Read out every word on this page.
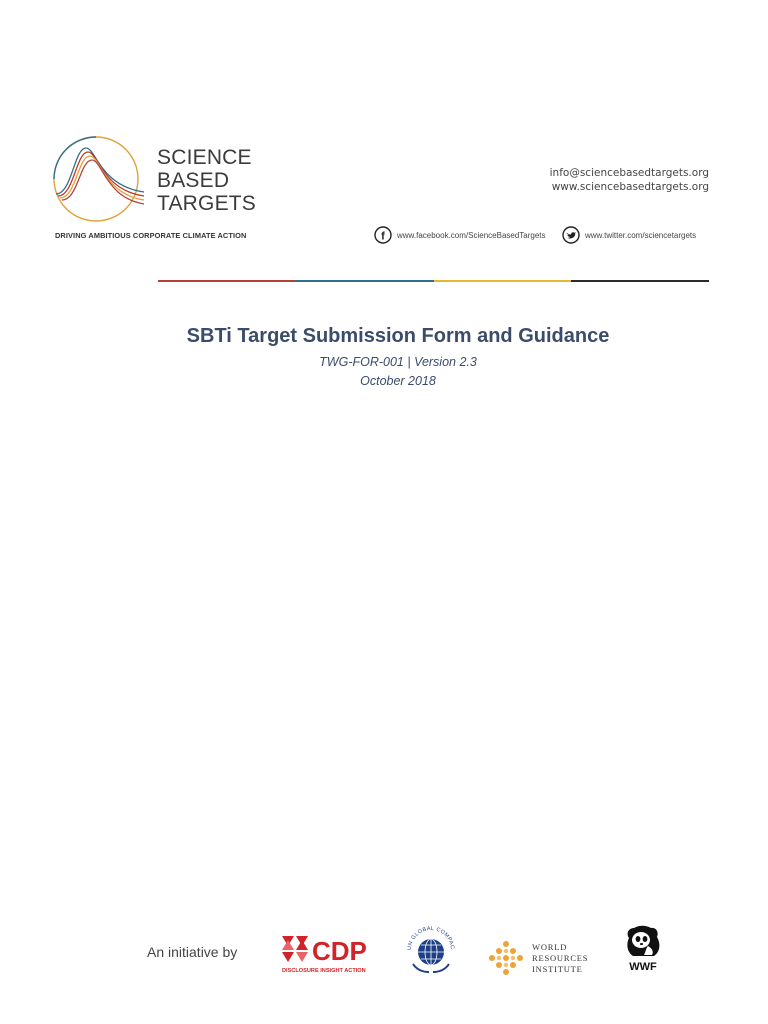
SCIENCE
BASED
TARGETS
DRIVING AMBITIOUS CORPORATE CLIMATE ACTION
info@sciencebasedtargets.org
www.sciencebasedtargets.org
f www.facebook.com/ScienceBasedTargets	www.twitter.com/sciencetargets
SBTi Target Submission Form and Guidance
TWG-FOR-001 | Version 2.3
October 2018
An initiative by	CDP
DISCLOSURE INSIGHT ACTION
UN GLOBAL COMPAC	WORLD
RESOURCES
INSTITUTE	WWF
